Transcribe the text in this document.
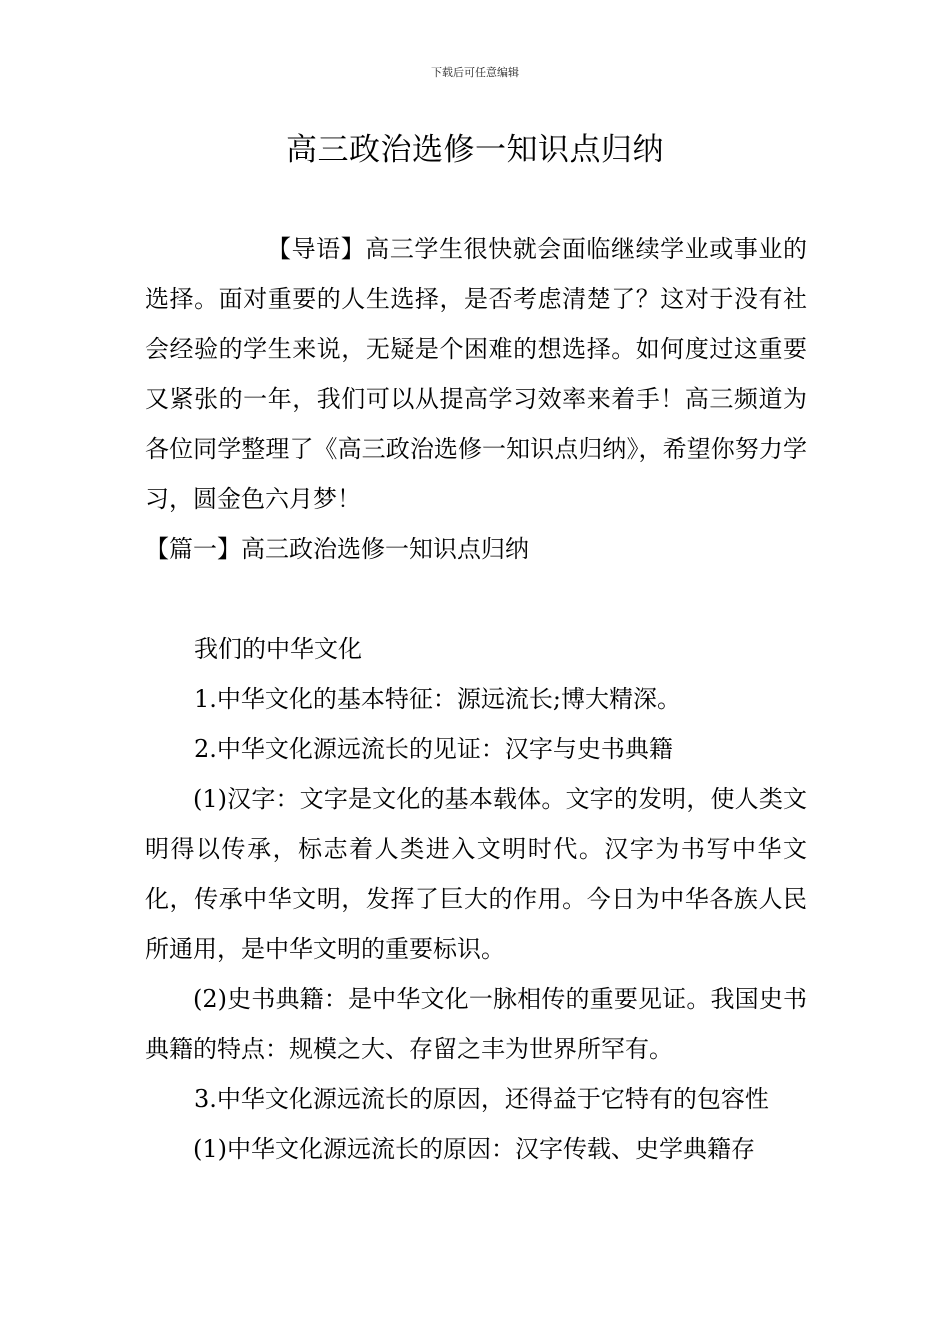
下载后可任意编辑
高三政治选修一知识点归纳

【导语】高三学生很快就会面临继续学业或事业的选择。面对重要的人生选择，是否考虑清楚了？这对于没有社会经验的学生来说，无疑是个困难的想选择。如何度过这重要又紧张的一年，我们可以从提高学习效率来着手！高三频道为各位同学整理了《高三政治选修一知识点归纳》，希望你努力学习，圆金色六月梦！

【篇一】高三政治选修一知识点归纳

我们的中华文化

1.中华文化的基本特征：源远流长;博大精深。

2.中华文化源远流长的见证：汉字与史书典籍

(1)汉字：文字是文化的基本载体。文字的发明，使人类文明得以传承，标志着人类进入文明时代。汉字为书写中华文化，传承中华文明，发挥了巨大的作用。今日为中华各族人民所通用，是中华文明的重要标识。

(2)史书典籍：是中华文化一脉相传的重要见证。我国史书典籍的特点：规模之大、存留之丰为世界所罕有。

3.中华文化源远流长的原因，还得益于它特有的包容性

(1)中华文化源远流长的原因：汉字传载、史学典籍存
